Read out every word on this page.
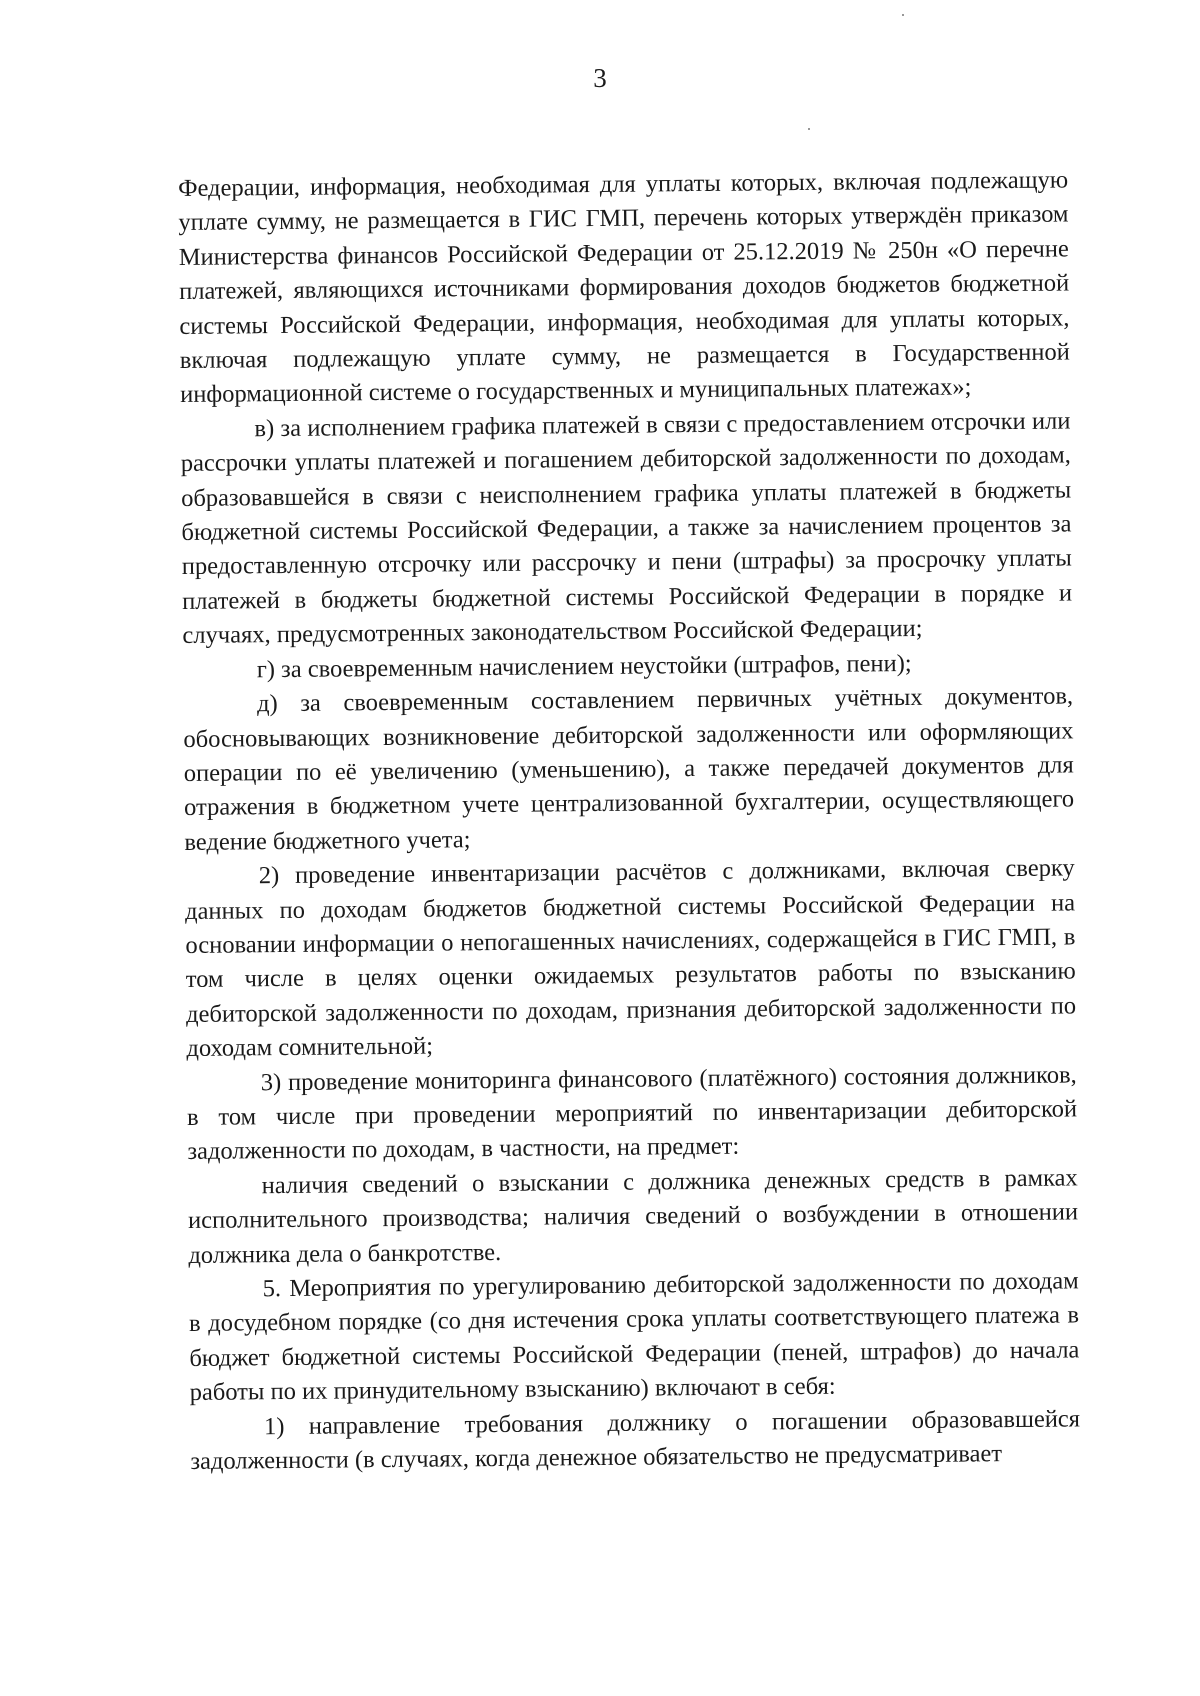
3

Федерации, информация, необходимая для уплаты которых, включая подлежащую уплате сумму, не размещается в ГИС ГМП, перечень которых утверждён приказом Министерства финансов Российской Федерации от 25.12.2019 № 250н «О перечне платежей, являющихся источниками формирования доходов бюджетов бюджетной системы Российской Федерации, информация, необходимая для уплаты которых, включая подлежащую уплате сумму, не размещается в Государственной информационной системе о государственных и муниципальных платежах»;

в) за исполнением графика платежей в связи с предоставлением отсрочки или рассрочки уплаты платежей и погашением дебиторской задолженности по доходам, образовавшейся в связи с неисполнением графика уплаты платежей в бюджеты бюджетной системы Российской Федерации, а также за начислением процентов за предоставленную отсрочку или рассрочку и пени (штрафы) за просрочку уплаты платежей в бюджеты бюджетной системы Российской Федерации в порядке и случаях, предусмотренных законодательством Российской Федерации;

г) за своевременным начислением неустойки (штрафов, пени);

д) за своевременным составлением первичных учётных документов, обосновывающих возникновение дебиторской задолженности или оформляющих операции по её увеличению (уменьшению), а также передачей документов для отражения в бюджетном учете централизованной бухгалтерии, осуществляющего ведение бюджетного учета;

2) проведение инвентаризации расчётов с должниками, включая сверку данных по доходам бюджетов бюджетной системы Российской Федерации на основании информации о непогашенных начислениях, содержащейся в ГИС ГМП, в том числе в целях оценки ожидаемых результатов работы по взысканию дебиторской задолженности по доходам, признания дебиторской задолженности по доходам сомнительной;

3) проведение мониторинга финансового (платёжного) состояния должников, в том числе при проведении мероприятий по инвентаризации дебиторской задолженности по доходам, в частности, на предмет:

наличия сведений о взыскании с должника денежных средств в рамках исполнительного производства; наличия сведений о возбуждении в отношении должника дела о банкротстве.

5. Мероприятия по урегулированию дебиторской задолженности по доходам в досудебном порядке (со дня истечения срока уплаты соответствующего платежа в бюджет бюджетной системы Российской Федерации (пеней, штрафов) до начала работы по их принудительному взысканию) включают в себя:

1) направление требования должнику о погашении образовавшейся задолженности (в случаях, когда денежное обязательство не предусматривает
